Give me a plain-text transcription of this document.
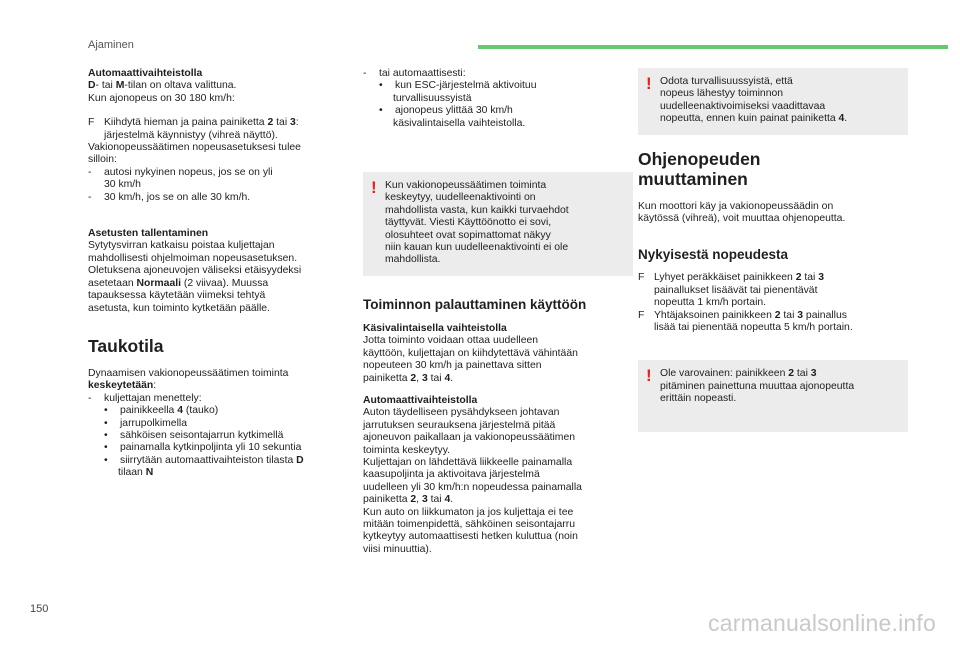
Ajaminen

Automaattivaihteistolla

D- tai M-tilan on oltava valittuna.

Kun ajonopeus on 30 180 km/h:

F Kiihdytä hieman ja paina painiketta 2 tai 3:

järjestelmä käynnistyy (vihreä näyttö).

Vakionopeussäätimen nopeusasetuksesi tulee

silloin:

-	autosi nykyinen nopeus, jos se on yli

30 km/h

-	30 km/h, jos se on alle 30 km/h.

Asetusten tallentaminen

Sytytysvirran katkaisu poistaa kuljettajan

mahdollisesti ohjelmoiman nopeusasetuksen.

Oletuksena ajoneuvojen väliseksi etäisyydeksi

asetetaan Normaali (2 viivaa). Muussa

tapauksessa käytetään viimeksi tehtyä

asetusta, kun toiminto kytketään päälle.

Taukotila

Dynaamisen vakionopeussäätimen toiminta

keskeytetään:

-	kuljettajan menettely:
•	painikkeella 4 (tauko)
•	jarrupolkimella
•	sähköisen seisontajarrun kytkimellä
•	painamalla kytkinpoljinta yli 10 sekuntia
•	siirrytään automaattivaihteiston tilasta D

tilaan N

-	tai automaattisesti:
•	kun ESC-järjestelmä aktivoituu

turvallisuussyistä

•	ajonopeus ylittää 30 km/h

käsivalintaisella vaihteistolla.

! Kun vakionopeussäätimen toiminta

keskeytyy, uudelleenaktivointi on

mahdollista vasta, kun kaikki turvaehdot

täyttyvät. Viesti Käyttöönotto ei sovi,

olosuhteet ovat sopimattomat näkyy

niin kauan kun uudelleenaktivointi ei ole

mahdollista.

Toiminnon palauttaminen käyttöön

Käsivalintaisella vaihteistolla

Jotta toiminto voidaan ottaa uudelleen

käyttöön, kuljettajan on kiihdytettävä vähintään

nopeuteen 30 km/h ja painettava sitten

painiketta 2, 3 tai 4.

Automaattivaihteistolla

Auton täydelliseen pysähdykseen johtavan

jarrutuksen seurauksena järjestelmä pitää

ajoneuvon paikallaan ja vakionopeussäätimen

toiminta keskeytyy.

Kuljettajan on lähdettävä liikkeelle painamalla

kaasupoljinta ja aktivoitava järjestelmä

uudelleen yli 30 km/h:n nopeudessa painamalla

painiketta 2, 3 tai 4.

Kun auto on liikkumaton ja jos kuljettaja ei tee

mitään toimenpidettä, sähköinen seisontajarru

kytkeytyy automaattisesti hetken kuluttua (noin

viisi minuuttia).

! Odota turvallisuussyistä, että

nopeus lähestyy toiminnon

uudelleenaktivoimiseksi vaadittavaa

nopeutta, ennen kuin painat painiketta 4.

Ohjenopeuden
muuttaminen

Kun moottori käy ja vakionopeussäädin on

käytössä (vihreä), voit muuttaa ohjenopeutta.

Nykyisestä nopeudesta
F Lyhyet peräkkäiset painikkeen 2 tai 3

painallukset lisäävät tai pienentävät

nopeutta 1 km/h portain.

F Yhtäjaksoinen painikkeen 2 tai 3 painallus

lisää tai pienentää nopeutta 5 km/h portain.

! Ole varovainen: painikkeen 2 tai 3

pitäminen painettuna muuttaa ajonopeutta

erittäin nopeasti.

150
carmanualsonline.info
